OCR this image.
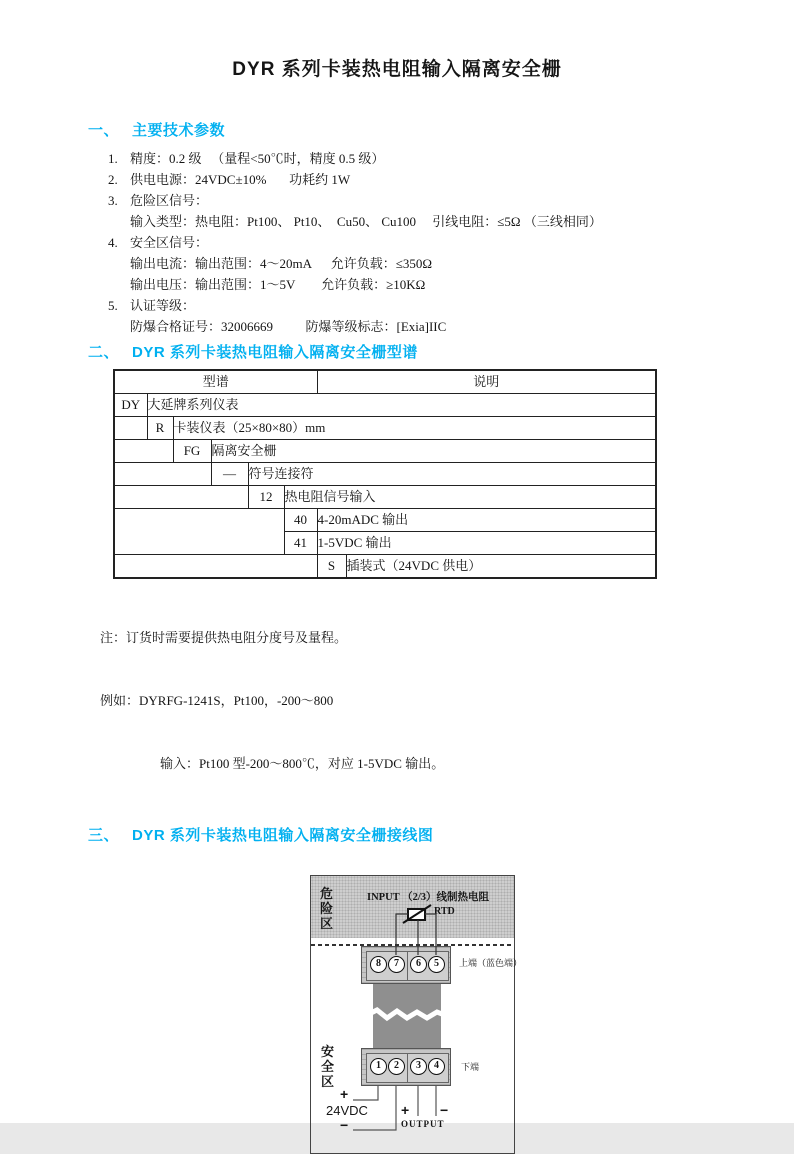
DYR 系列卡装热电阻输入隔离安全栅
一、 主要技术参数
1. 精度：0.2 级   （量程<50℃时，精度 0.5 级）
2. 供电电源：24VDC±10%       功耗约 1W
3. 危险区信号：
输入类型：热电阻：Pt100、 Pt10、  Cu50、 Cu100     引线电阻：≤5Ω （三线相同）
4. 安全区信号：
输出电流：输出范围：4～20mA      允许负载：≤350Ω
输出电压：输出范围：1～5V        允许负载：≥10KΩ
5. 认证等级：
防爆合格证号：32006669          防爆等级标志：[Exia]IIC
二、 DYR 系列卡装热电阻输入隔离安全栅型谱
型谱						说明	
DY	大延牌系列仪表						
	R	卡装仪表（25×80×80）mm					
		FG	隔离安全栅				
			—	符号连接符			
				12	热电阻信号输入		
					40	4-20mADC 输出	
					41	1-5VDC 输出	
						S	插装式（24VDC 供电）

注：订货时需要提供热电阻分度号及量程。

例如：DYRFG-1241S，Pt100，-200～800

输入：Pt100 型-200～800℃，对应 1-5VDC 输出。

三、 DYR 系列卡装热电阻输入隔离安全栅接线图
危险区
INPUT （2/3）线制热电阻
RTD
安全区
8	7	6	5
1	2	3	4
上端（蓝色端）
下端
+
−
24VDC + −
OUTPUT
